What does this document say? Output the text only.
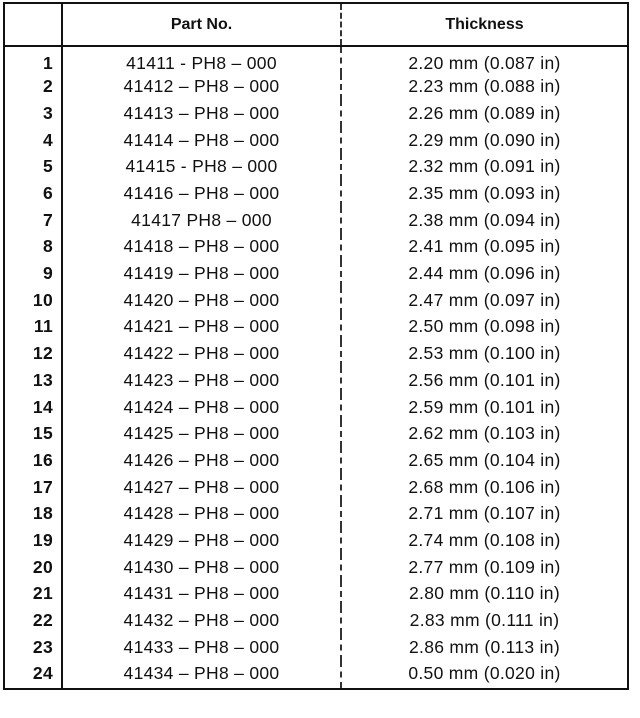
	Part No.	Thickness
1	41411 - PH8 – 000	2.20 mm (0.087 in)
2	41412 – PH8 – 000	2.23 mm (0.088 in)
3	41413 – PH8 – 000	2.26 mm (0.089 in)
4	41414 – PH8 – 000	2.29 mm (0.090 in)
5	41415 - PH8 – 000	2.32 mm (0.091 in)
6	41416 – PH8 – 000	2.35 mm (0.093 in)
7	41417 PH8 – 000	2.38 mm (0.094 in)
8	41418 – PH8 – 000	2.41 mm (0.095 in)
9	41419 – PH8 – 000	2.44 mm (0.096 in)
10	41420 – PH8 – 000	2.47 mm (0.097 in)
11	41421 – PH8 – 000	2.50 mm (0.098 in)
12	41422 – PH8 – 000	2.53 mm (0.100 in)
13	41423 – PH8 – 000	2.56 mm (0.101 in)
14	41424 – PH8 – 000	2.59 mm (0.101 in)
15	41425 – PH8 – 000	2.62 mm (0.103 in)
16	41426 – PH8 – 000	2.65 mm (0.104 in)
17	41427 – PH8 – 000	2.68 mm (0.106 in)
18	41428 – PH8 – 000	2.71 mm (0.107 in)
19	41429 – PH8 – 000	2.74 mm (0.108 in)
20	41430 – PH8 – 000	2.77 mm (0.109 in)
21	41431 – PH8 – 000	2.80 mm (0.110 in)
22	41432 – PH8 – 000	2.83 mm (0.111 in)
23	41433 – PH8 – 000	2.86 mm (0.113 in)
24	41434 – PH8 – 000	0.50 mm (0.020 in)
